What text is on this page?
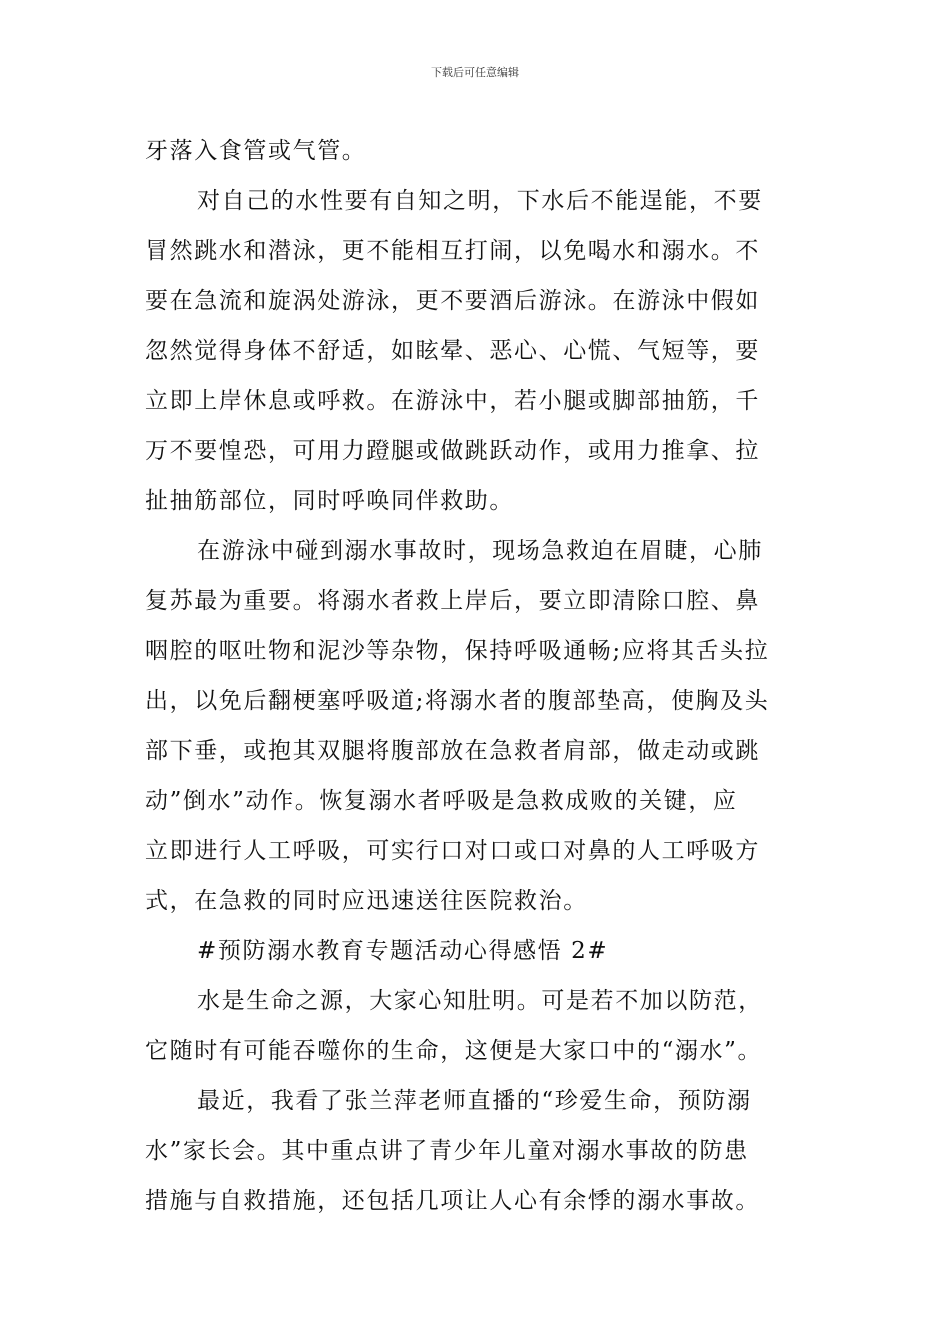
下载后可任意编辑

牙落入食管或气管。

对自己的水性要有自知之明，下水后不能逞能，不要
冒然跳水和潜泳，更不能相互打闹，以免喝水和溺水。不
要在急流和旋涡处游泳，更不要酒后游泳。在游泳中假如
忽然觉得身体不舒适，如眩晕、恶心、心慌、气短等，要
立即上岸休息或呼救。在游泳中，若小腿或脚部抽筋，千
万不要惶恐，可用力蹬腿或做跳跃动作，或用力推拿、拉
扯抽筋部位，同时呼唤同伴救助。

在游泳中碰到溺水事故时，现场急救迫在眉睫，心肺
复苏最为重要。将溺水者救上岸后，要立即清除口腔、鼻
咽腔的呕吐物和泥沙等杂物，保持呼吸通畅;应将其舌头拉
出，以免后翻梗塞呼吸道;将溺水者的腹部垫高，使胸及头
部下垂，或抱其双腿将腹部放在急救者肩部，做走动或跳
动”倒水”动作。恢复溺水者呼吸是急救成败的关键，应
立即进行人工呼吸，可实行口对口或口对鼻的人工呼吸方
式，在急救的同时应迅速送往医院救治。

#预防溺水教育专题活动心得感悟 2#

水是生命之源，大家心知肚明。可是若不加以防范，
它随时有可能吞噬你的生命，这便是大家口中的“溺水”。

最近，我看了张兰萍老师直播的“珍爱生命，预防溺
水”家长会。其中重点讲了青少年儿童对溺水事故的防患
措施与自救措施，还包括几项让人心有余悸的溺水事故。
